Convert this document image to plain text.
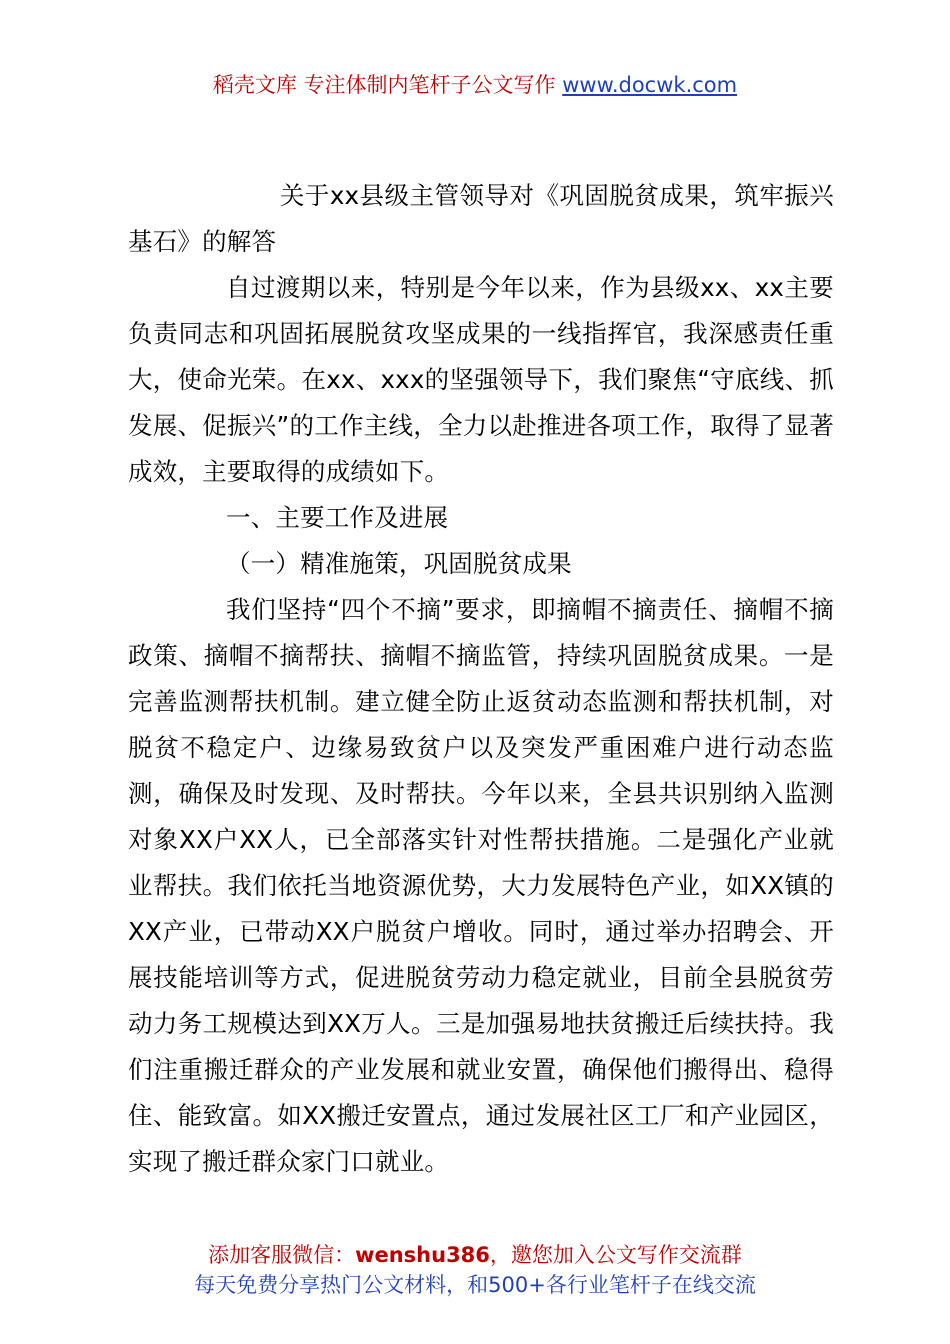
稻壳文库 专注体制内笔杆子公文写作 www.docwk.com

关于xx县级主管领导对《巩固脱贫成果，筑牢振兴基石》的解答

自过渡期以来，特别是今年以来，作为县级xx、xx主要负责同志和巩固拓展脱贫攻坚成果的一线指挥官，我深感责任重大，使命光荣。在xx、xxx的坚强领导下，我们聚焦“守底线、抓发展、促振兴”的工作主线，全力以赴推进各项工作，取得了显著成效，主要取得的成绩如下。

一、主要工作及进展

（一）精准施策，巩固脱贫成果

我们坚持“四个不摘”要求，即摘帽不摘责任、摘帽不摘政策、摘帽不摘帮扶、摘帽不摘监管，持续巩固脱贫成果。一是完善监测帮扶机制。建立健全防止返贫动态监测和帮扶机制，对脱贫不稳定户、边缘易致贫户以及突发严重困难户进行动态监测，确保及时发现、及时帮扶。今年以来，全县共识别纳入监测对象XX户XX人，已全部落实针对性帮扶措施。二是强化产业就业帮扶。我们依托当地资源优势，大力发展特色产业，如XX镇的XX产业，已带动XX户脱贫户增收。同时，通过举办招聘会、开展技能培训等方式，促进脱贫劳动力稳定就业，目前全县脱贫劳动力务工规模达到XX万人。三是加强易地扶贫搬迁后续扶持。我们注重搬迁群众的产业发展和就业安置，确保他们搬得出、稳得住、能致富。如XX搬迁安置点，通过发展社区工厂和产业园区，实现了搬迁群众家门口就业。

添加客服微信：wenshu386，邀您加入公文写作交流群
每天免费分享热门公文材料，和500+各行业笔杆子在线交流
